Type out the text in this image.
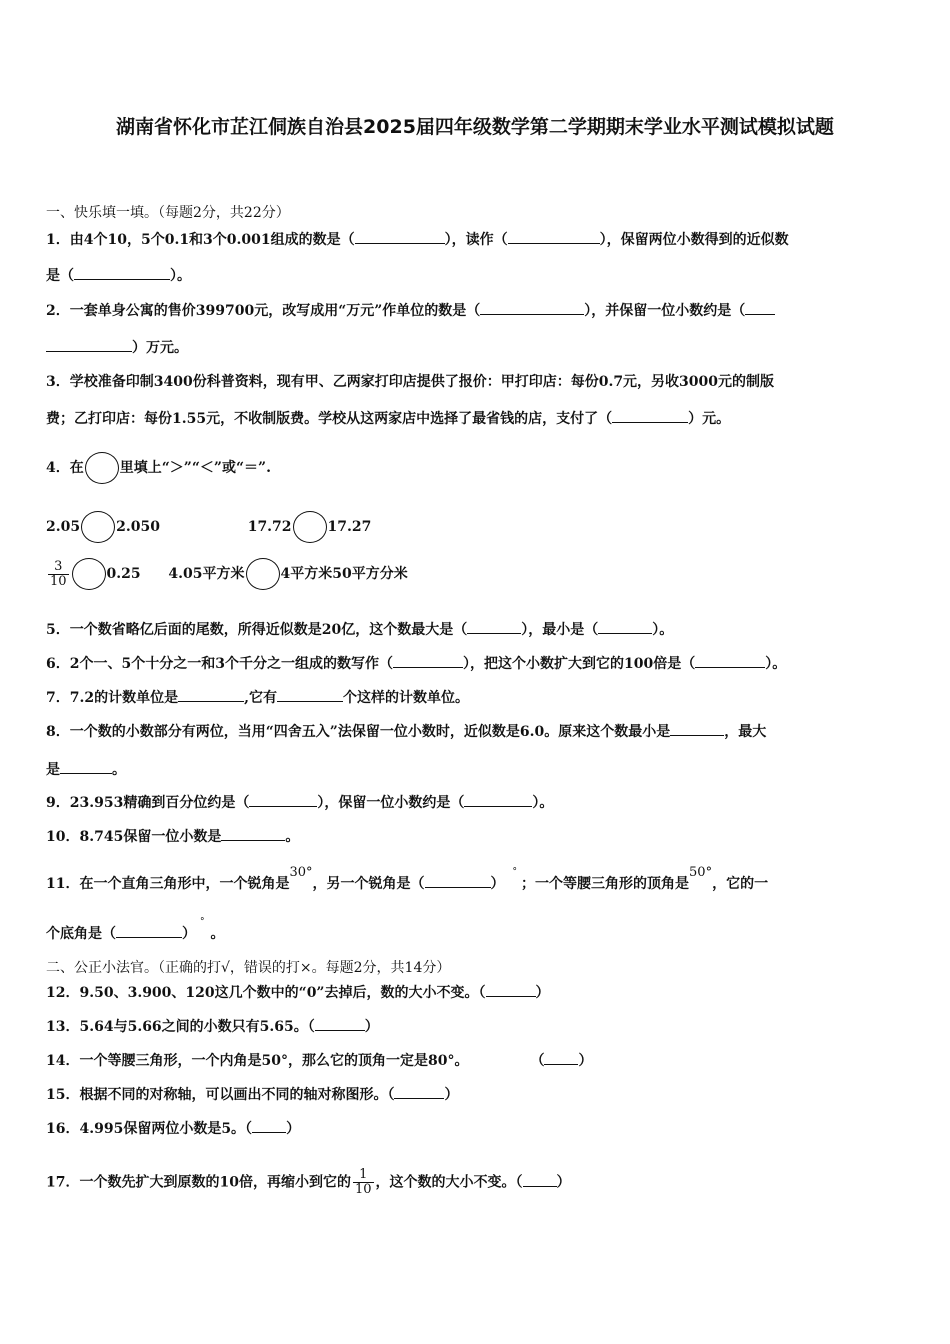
湖南省怀化市芷江侗族自治县2025届四年级数学第二学期期末学业水平测试模拟试题
一、快乐填一填。（每题2分，共22分）
1．由4个10，5个0.1和3个0.001组成的数是（	），读作（	），保留两位小数得到的近似数
是（	）。
2．一套单身公寓的售价399700元，改写成用“万元”作单位的数是（	），并保留一位小数约是（
）万元。
3．学校准备印制3400份科普资料，现有甲、乙两家打印店提供了报价：甲打印店：每份0.7元，另收3000元的制版
费；乙打印店：每份1.55元，不收制版费。学校从这两家店中选择了最省钱的店，支付了（	）元。
4．在	里填上“＞”“＜”或“＝”.
2.05	2.050	17.72	17.27
$\frac{3}{10}$	0.25 4.05平方米	4平方米50平方分米
5．一个数省略亿后面的尾数，所得近似数是20亿，这个数最大是（	），最小是（	）。
6．2个一、5个十分之一和3个千分之一组成的数写作（	），把这个小数扩大到它的100倍是（	）。
7．7.2的计数单位是	,它有	个这样的计数单位。
8．一个数的小数部分有两位，当用“四舍五入”法保留一位小数时，近似数是6.0。原来这个数最小是	，最大
是	。
9．23.953精确到百分位约是（	），保留一位小数约是（	）。
10．8.745保留一位小数是	。
11．在一个直角三角形中，一个锐角是30°，另一个锐角是（	）°；一个等腰三角形的顶角是50°，它的一
个底角是（	）°。
二、公正小法官。（正确的打√，错误的打×。每题2分，共14分）
12．9.50、3.900、120这几个数中的“0”去掉后，数的大小不变。（	）
13．5.64与5.66之间的小数只有5.65。（	）
14．一个等腰三角形，一个内角是50°，那么它的顶角一定是80°。	（ ）
15．根据不同的对称轴，可以画出不同的轴对称图形。（	）
16．4.995保留两位小数是5。（ ）
17．一个数先扩大到原数的10倍，再缩小到它的 $\frac{1}{10}$ ，这个数的大小不变。（ ）
